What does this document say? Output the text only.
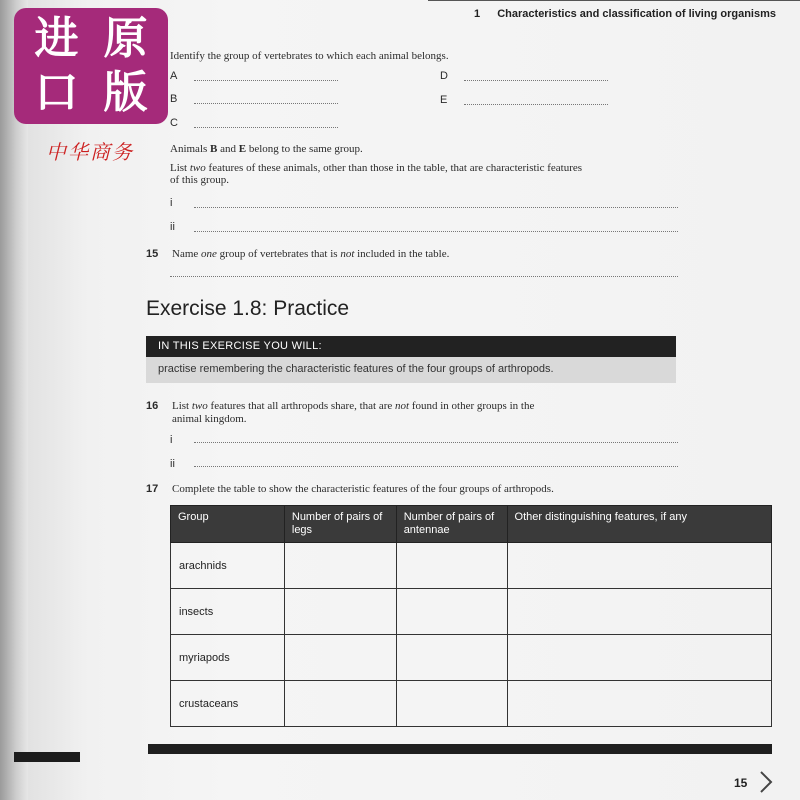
1 Characteristics and classification of living organisms
进 原
口 版
中华商务
Identify the group of vertebrates to which each animal belongs.
A	D
B	E
C
Animals B and E belong to the same group.
List two features of these animals, other than those in the table, that are characteristic features
of this group.
i
ii
15 Name one group of vertebrates that is not included in the table.
Exercise 1.8: Practice
IN THIS EXERCISE YOU WILL:
practise remembering the characteristic features of the four groups of arthropods.
16 List two features that all arthropods share, that are not found in other groups in the
animal kingdom.
i
ii
17 Complete the table to show the characteristic features of the four groups of arthropods.
Group	Number of pairs of legs	Number of pairs of antennae	Other distinguishing features, if any
arachnids			
insects			
myriapods			
crustaceans			
15
